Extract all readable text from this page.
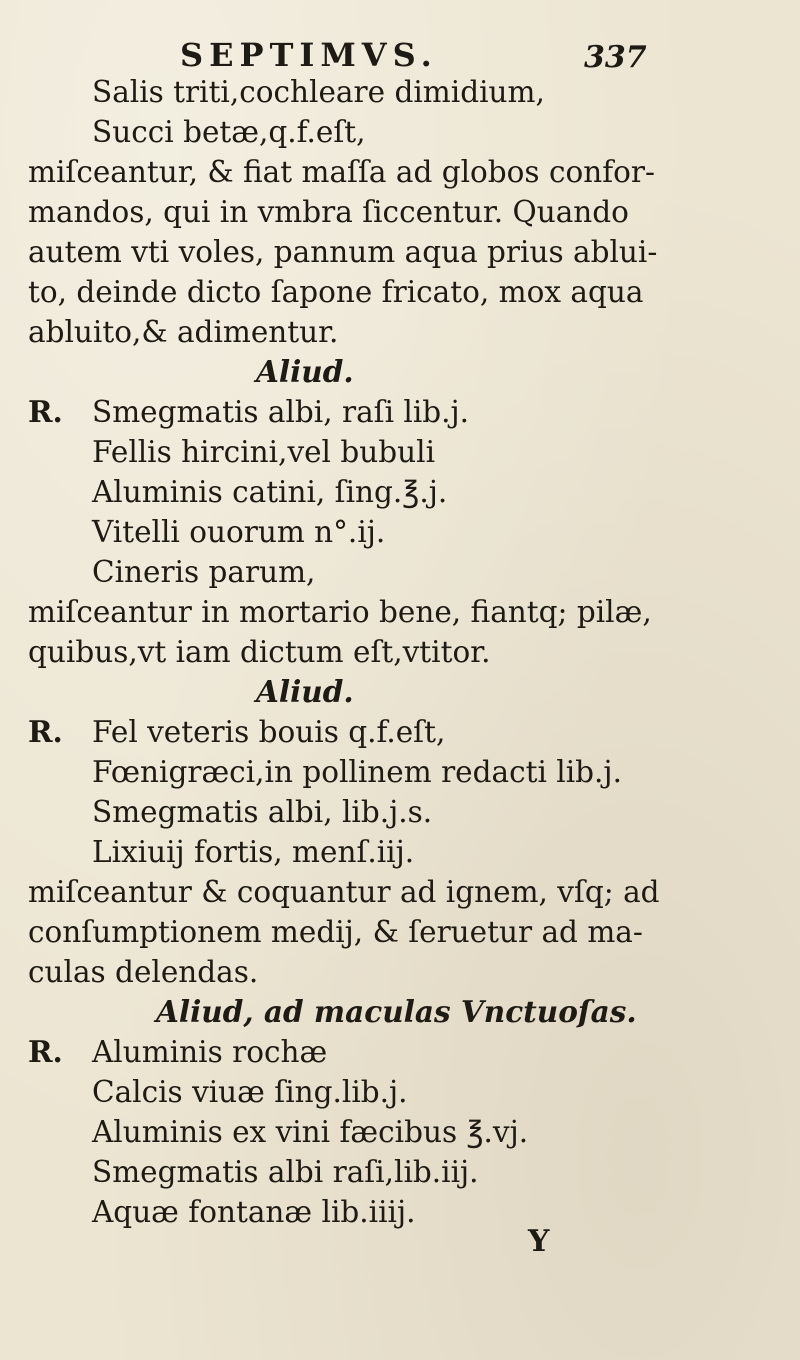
SEPTIMVS.	337
Salis triti,cochleare dimidium,
Succi betæ,q.f.eſt,
miſceantur, & fiat maſſa ad globos confor-
mandos, qui in vmbra ſiccentur. Quando
autem vti voles, pannum aqua prius ablui-
to, deinde dicto ſapone fricato, mox aqua
abluito,& adimentur.
Aliud.
R. Smegmatis albi, raſi lib.j.
Fellis hircini,vel bubuli
Aluminis catini, ſing.℥.j.
Vitelli ouorum n°.ij.
Cineris parum,
miſceantur in mortario bene, fiantq; pilæ,
quibus,vt iam dictum eſt,vtitor.
Aliud.
R. Fel veteris bouis q.f.eſt,
Fœnigræci,in pollinem redacti lib.j.
Smegmatis albi, lib.j.s.
Lixiuij fortis, menſ.iij.
miſceantur & coquantur ad ignem, vſq; ad
conſumptionem medij, & ſeruetur ad ma-
culas delendas.
Aliud, ad maculas Vnctuoſas.
R. Aluminis rochæ
Calcis viuæ ſing.lib.j.
Aluminis ex vini fæcibus ℥.vj.
Smegmatis albi raſi,lib.iij.
Aquæ fontanæ lib.iiij.
Y
